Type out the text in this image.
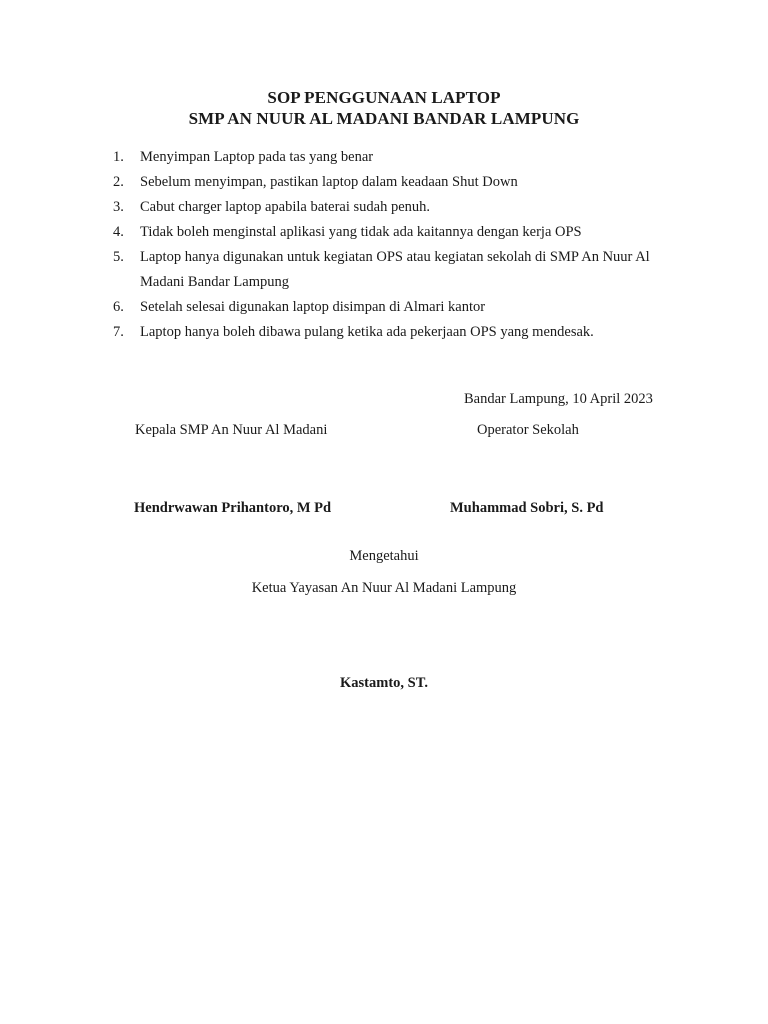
SOP PENGGUNAAN LAPTOP
SMP AN NUUR AL MADANI BANDAR LAMPUNG
1. Menyimpan Laptop pada tas yang benar
2. Sebelum menyimpan, pastikan laptop dalam keadaan Shut Down
3. Cabut charger laptop apabila baterai sudah penuh.
4. Tidak boleh menginstal aplikasi yang tidak ada kaitannya dengan kerja OPS
5. Laptop hanya digunakan untuk kegiatan OPS atau kegiatan sekolah di SMP An Nuur Al Madani Bandar Lampung
6. Setelah selesai digunakan laptop disimpan di Almari kantor
7. Laptop hanya boleh dibawa pulang ketika ada pekerjaan OPS yang mendesak.
Bandar Lampung, 10 April 2023
Kepala SMP An Nuur Al Madani	Operator Sekolah
Hendrwawan Prihantoro, M Pd	Muhammad Sobri, S. Pd
Mengetahui
Ketua Yayasan An Nuur Al Madani Lampung
Kastamto, ST.
